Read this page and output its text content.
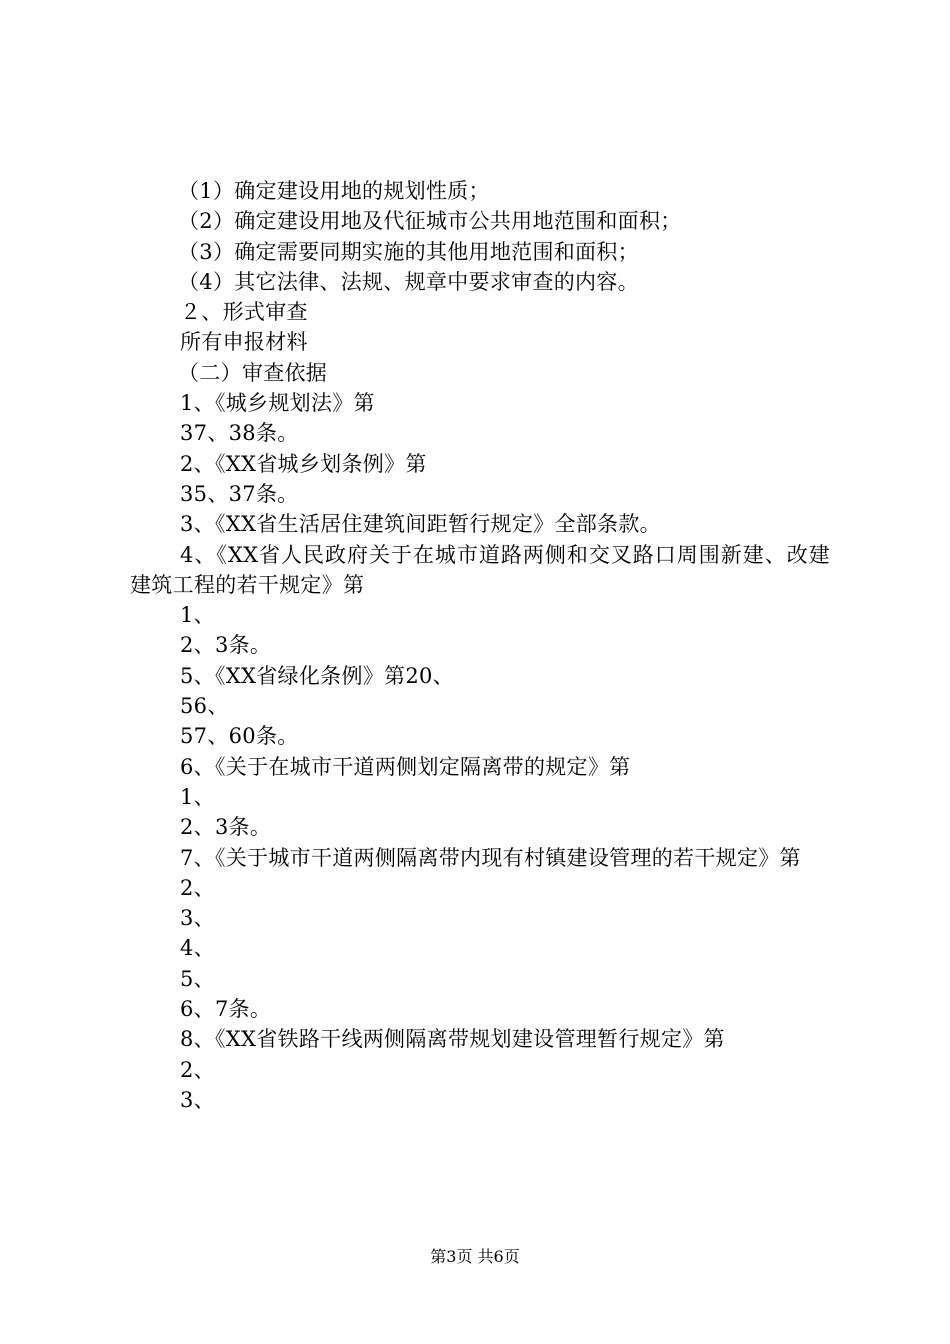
（1）确定建设用地的规划性质；
（2）确定建设用地及代征城市公共用地范围和面积；
（3）确定需要同期实施的其他用地范围和面积；
（4）其它法律、法规、规章中要求审查的内容。
２、形式审查
所有申报材料
（二）审查依据
1、《城乡规划法》第
37、38条。
2、《XX省城乡划条例》第
35、37条。
3、《XX省生活居住建筑间距暂行规定》全部条款。
4、《XX省人民政府关于在城市道路两侧和交叉路口周围新建、改建建筑工程的若干规定》第
1、
2、3条。
5、《XX省绿化条例》第20、
56、
57、60条。
6、《关于在城市干道两侧划定隔离带的规定》第
1、
2、3条。
7、《关于城市干道两侧隔离带内现有村镇建设管理的若干规定》第
2、
3、
4、
5、
6、7条。
8、《XX省铁路干线两侧隔离带规划建设管理暂行规定》第
2、
3、
第3页 共6页
